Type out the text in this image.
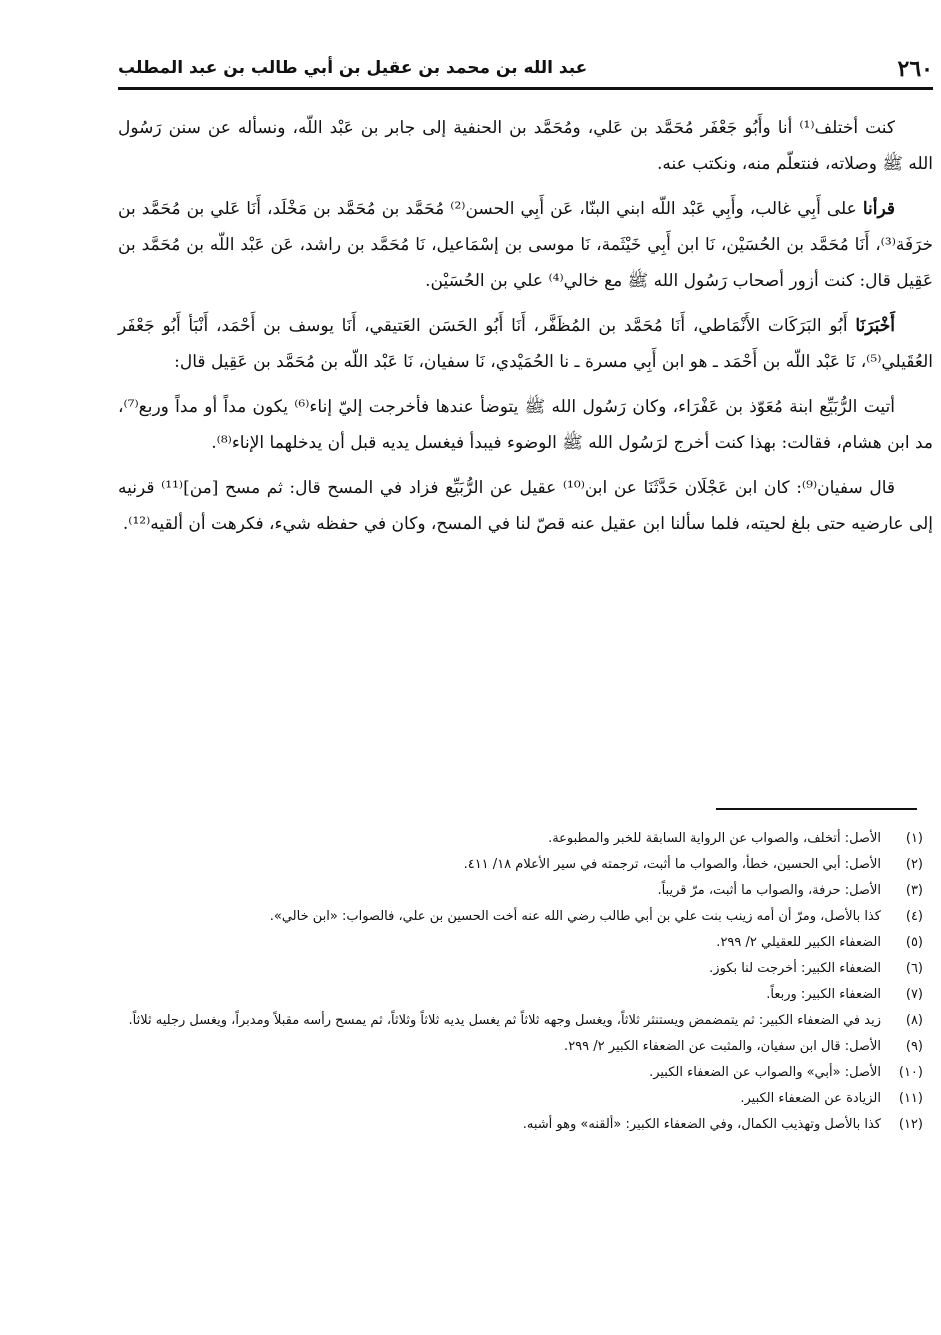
٢٦٠
عبد الله بن محمد بن عقيل بن أبي طالب بن عبد المطلب

كنت أختلف⁽¹⁾ أنا وأَبُو جَعْفَر مُحَمَّد بن عَلي، ومُحَمَّد بن الحنفية إلى جابر بن عَبْد اللّه، ونسأله عن سنن رَسُول الله ﷺ وصلاته، فنتعلّم منه، ونكتب عنه.

قرأنا على أَبِي غالب، وأَبِي عَبْد اللّه ابني البنّا، عَن أَبِي الحسن⁽²⁾ مُحَمَّد بن مُحَمَّد بن مَخْلَد، أَنَا عَلي بن مُحَمَّد بن خرَفَة⁽³⁾، أَنَا مُحَمَّد بن الحُسَيْن، نَا ابن أَبِي خَيْثَمة، نَا موسى بن إسْمَاعيل، نَا مُحَمَّد بن راشد، عَن عَبْد اللّه بن مُحَمَّد بن عَقِيل قال: كنت أزور أصحاب رَسُول الله ﷺ مع خالي⁽⁴⁾ علي بن الحُسَيْن.

أَخْبَرَنَا أَبُو البَرَكَات الأَنْمَاطي، أَنَا مُحَمَّد بن المُظَفَّر، أَنَا أَبُو الحَسَن العَتيقي، أَنَا يوسف بن أَحْمَد، أَنْبَأ أَبُو جَعْفَر العُقَيلي⁽⁵⁾، نَا عَبْد اللّه بن أَحْمَد ـ هو ابن أَبِي مسرة ـ نا الحُمَيْدي، نَا سفيان، نَا عَبْد اللّه بن مُحَمَّد بن عَقِيل قال:

أتيت الرُّبَيِّع ابنة مُعَوّذ بن عَفْرَاء، وكان رَسُول الله ﷺ يتوضأ عندها فأخرجت إليّ إناء⁽⁶⁾ يكون مداً أو مداً وربع⁽⁷⁾، مد ابن هشام، فقالت: بهذا كنت أخرج لرَسُول الله ﷺ الوضوء فيبدأ فيغسل يديه قبل أن يدخلهما الإناء⁽⁸⁾.

قال سفيان⁽⁹⁾: كان ابن عَجْلَان حَدَّثَنَا عن ابن⁽¹⁰⁾ عقيل عن الرُّبَيِّع فزاد في المسح قال: ثم مسح [من]⁽¹¹⁾ قرنيه إلى عارضيه حتى بلغ لحيته، فلما سألنا ابن عقيل عنه قصّ لنا في المسح، وكان في حفظه شيء، فكرهت أن ألقيه⁽¹²⁾.

(١)
الأصل: أتخلف، والصواب عن الرواية السابقة للخبر والمطبوعة.
(٢)
الأصل: أبي الحسين، خطأ، والصواب ما أثبت، ترجمته في سير الأعلام ١٨/ ٤١١.
(٣)
الأصل: حرفة، والصواب ما أثبت، مرّ قريباً.
(٤)
كذا بالأصل، ومرّ أن أمه زينب بنت علي بن أبي طالب رضي الله عنه أخت الحسين بن علي، فالصواب: «ابن خالي».
(٥)
الضعفاء الكبير للعقيلي ٢/ ٢٩٩.
(٦)
الضعفاء الكبير: أخرجت لنا بكوز.
(٧)
الضعفاء الكبير: وربعاً.
(٨)
زيد في الضعفاء الكبير: ثم يتمضمض ويستنثر ثلاثاً، ويغسل وجهه ثلاثاً ثم يغسل يديه ثلاثاً وثلاثاً، ثم يمسح رأسه مقبلاً ومدبراً، ويغسل رجليه ثلاثاً.
(٩)
الأصل: قال ابن سفيان، والمثبت عن الضعفاء الكبير ٢/ ٢٩٩.
(١٠)
الأصل: «أبي» والصواب عن الضعفاء الكبير.
(١١)
الزيادة عن الضعفاء الكبير.
(١٢)
كذا بالأصل وتهذيب الكمال، وفي الضعفاء الكبير: «ألقنه» وهو أشبه.
